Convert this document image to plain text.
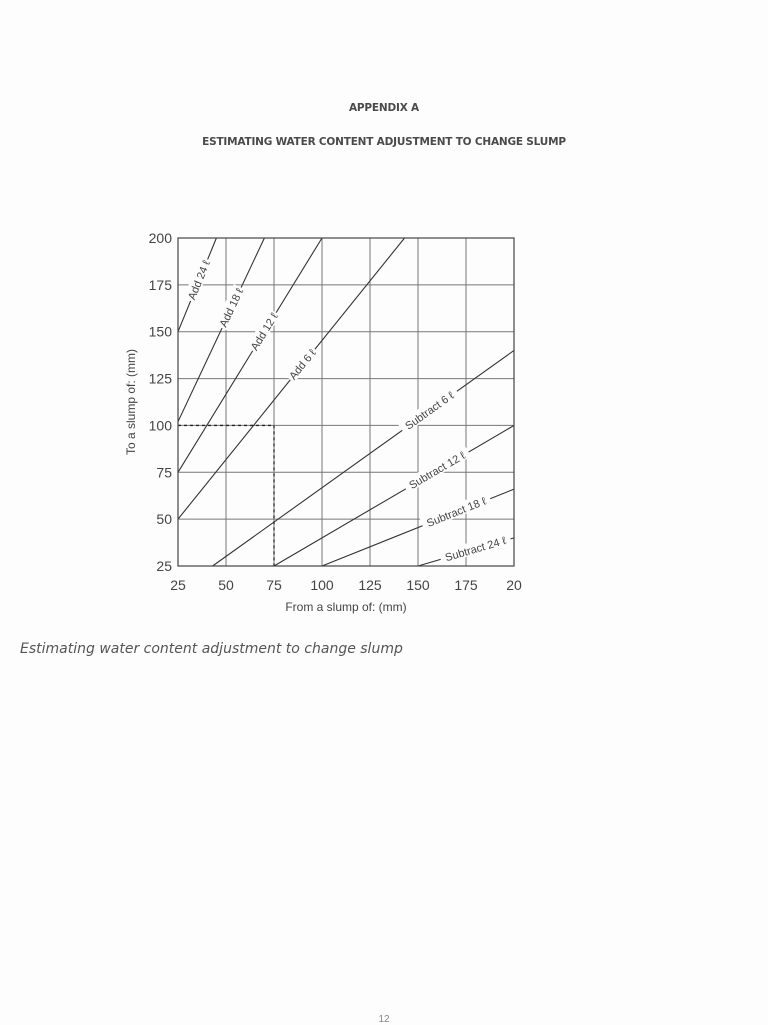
APPENDIX A
ESTIMATING WATER CONTENT ADJUSTMENT TO CHANGE SLUMP
Add 24 ℓ
Add 18 ℓ
Add 12 ℓ
Add 6 ℓ
Subtract 6 ℓ
Subtract 12 ℓ
Subtract 18 ℓ
Subtract 24 ℓ
25 50 75 100 125 150 175 20
25
50
75
100
125
150
175
200
From a slump of: (mm)
To a slump of: (mm)
Estimating water content adjustment to change slump
12
